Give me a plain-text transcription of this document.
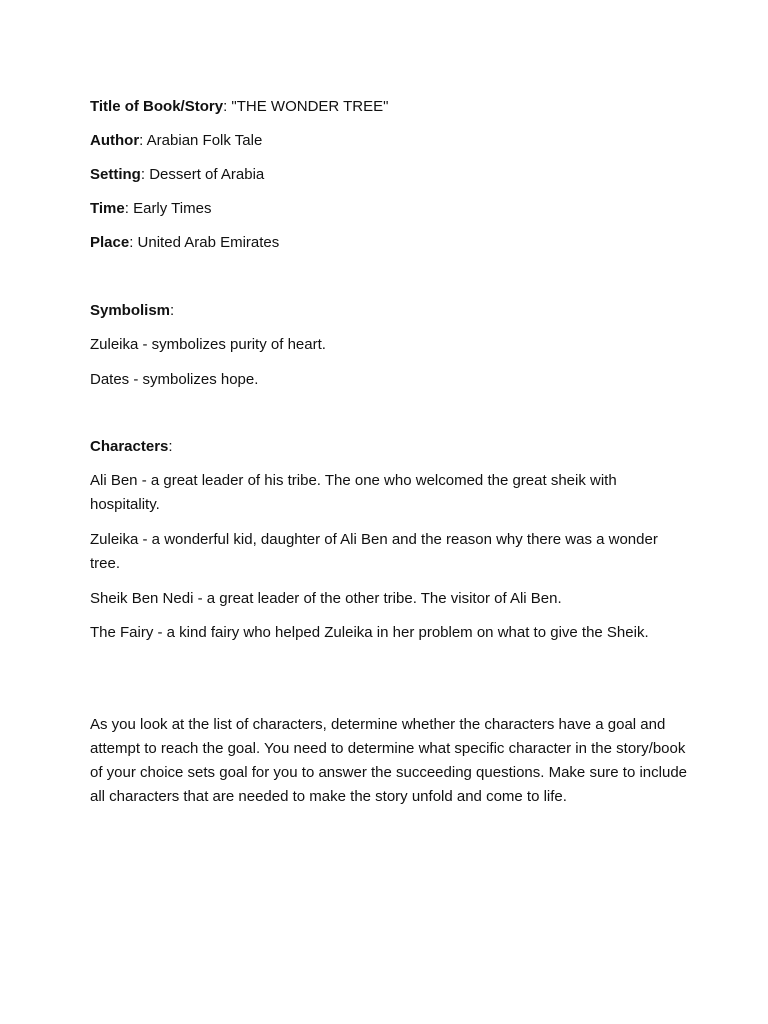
Title of Book/Story: "THE WONDER TREE"
Author: Arabian Folk Tale
Setting: Dessert of Arabia
Time: Early Times
Place: United Arab Emirates
Symbolism:
Zuleika - symbolizes purity of heart.
Dates - symbolizes hope.
Characters:
Ali Ben - a great leader of his tribe. The one who welcomed the great sheik with hospitality.
Zuleika - a wonderful kid, daughter of Ali Ben and the reason why there was a wonder tree.
Sheik Ben Nedi - a great leader of the other tribe. The visitor of Ali Ben.
The Fairy - a kind fairy who helped Zuleika in her problem on what to give the Sheik.
As you look at the list of characters, determine whether the characters have a goal and attempt to reach the goal. You need to determine what specific character in the story/book of your choice sets goal for you to answer the succeeding questions. Make sure to include all characters that are needed to make the story unfold and come to life.
